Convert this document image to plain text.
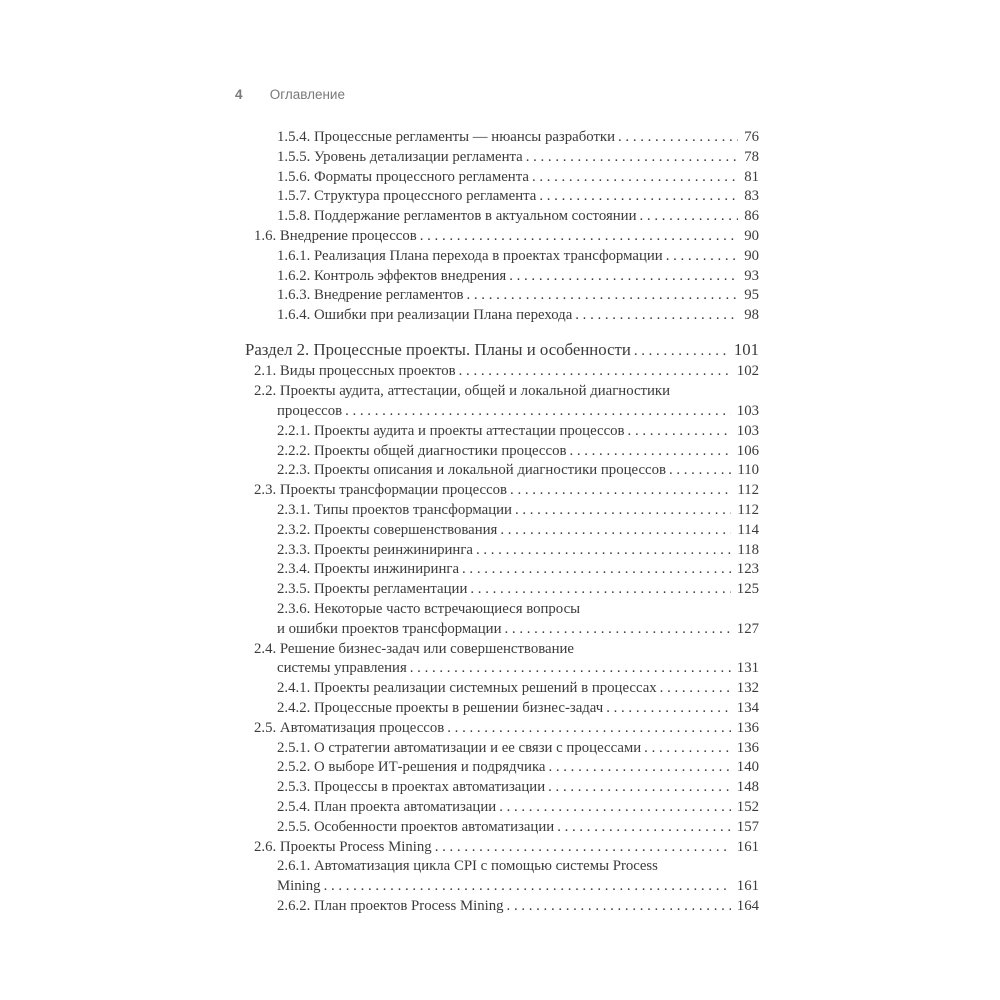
4 Оглавление
1.5.4. Процессные регламенты — нюансы разработки . . .	76
1.5.5. Уровень детализации регламента . . .	78
1.5.6. Форматы процессного регламента . . .	81
1.5.7. Структура процессного регламента . . .	83
1.5.8. Поддержание регламентов в актуальном состоянии . . .	86
1.6. Внедрение процессов . . .	90
1.6.1. Реализация Плана перехода в проектах трансформации . . .	90
1.6.2. Контроль эффектов внедрения . . .	93
1.6.3. Внедрение регламентов . . .	95
1.6.4. Ошибки при реализации Плана перехода . . .	98
Раздел 2. Процессные проекты. Планы и особенности . . .	101
2.1. Виды процессных проектов . . .	102
2.2. Проекты аудита, аттестации, общей и локальной диагностики
процессов . . .	103
2.2.1. Проекты аудита и проекты аттестации процессов . . .	103
2.2.2. Проекты общей диагностики процессов . . .	106
2.2.3. Проекты описания и локальной диагностики процессов . . .	110
2.3. Проекты трансформации процессов . . .	112
2.3.1. Типы проектов трансформации . . .	112
2.3.2. Проекты совершенствования . . .	114
2.3.3. Проекты реинжиниринга . . .	118
2.3.4. Проекты инжиниринга . . .	123
2.3.5. Проекты регламентации . . .	125
2.3.6. Некоторые часто встречающиеся вопросы
и ошибки проектов трансформации . . .	127
2.4. Решение бизнес-задач или совершенствование
системы управления . . .	131
2.4.1. Проекты реализации системных решений в процессах . . .	132
2.4.2. Процессные проекты в решении бизнес-задач . . .	134
2.5. Автоматизация процессов . . .	136
2.5.1. О стратегии автоматизации и ее связи с процессами . . .	136
2.5.2. О выборе ИТ-решения и подрядчика . . .	140
2.5.3. Процессы в проектах автоматизации . . .	148
2.5.4. План проекта автоматизации . . .	152
2.5.5. Особенности проектов автоматизации . . .	157
2.6. Проекты Process Mining . . .	161
2.6.1. Автоматизация цикла CPI с помощью системы Process
Mining . . .	161
2.6.2. План проектов Process Mining . . .	164
